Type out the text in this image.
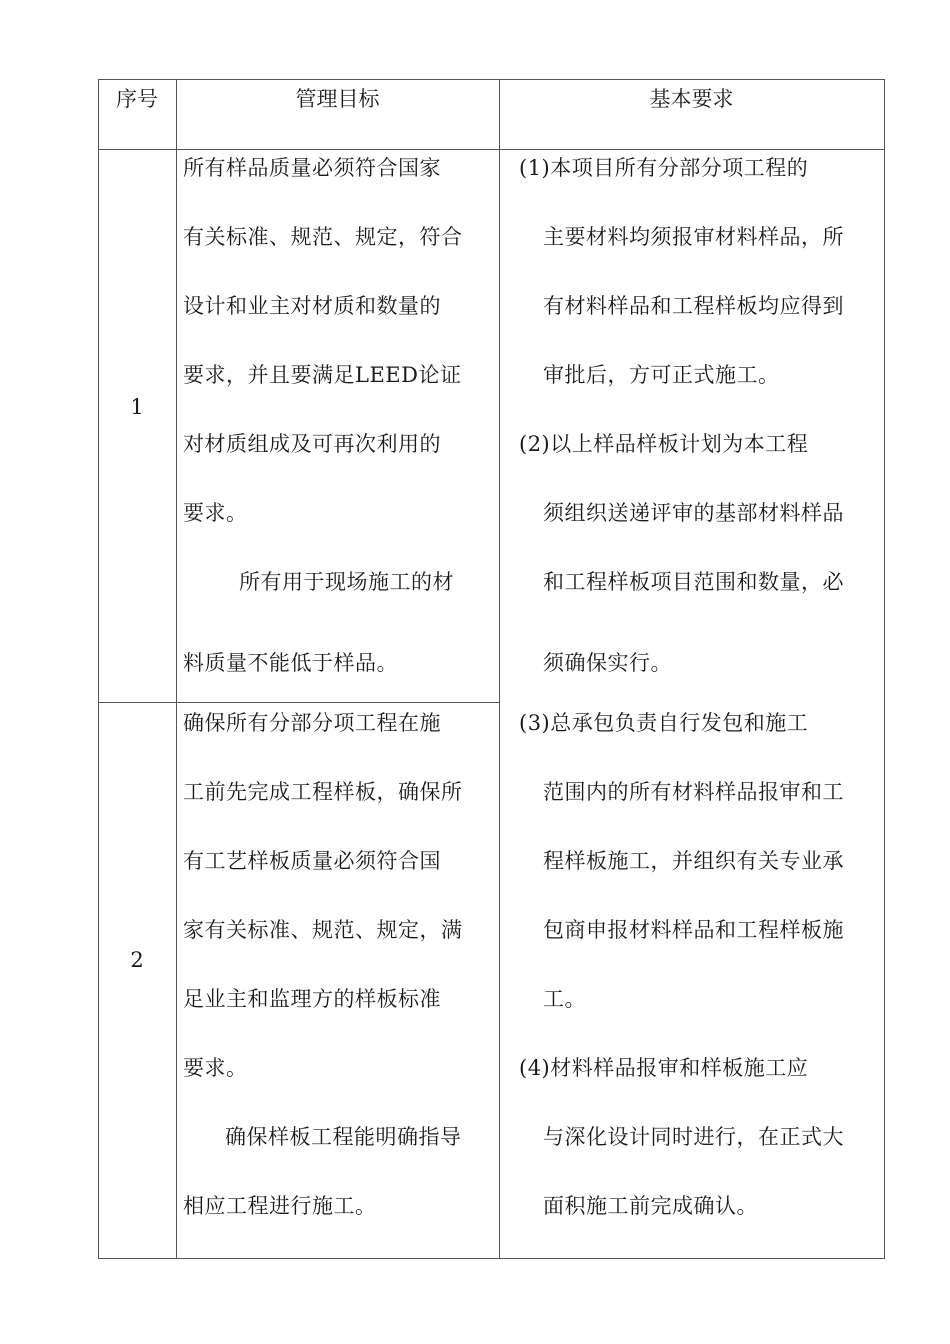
序号	管理目标	基本要求
1
2
所有样品质量必须符合国家
有关标准、规范、规定，符合
设计和业主对材质和数量的
要求，并且要满足LEED论证
对材质组成及可再次利用的
要求。
所有用于现场施工的材
料质量不能低于样品。
确保所有分部分项工程在施
工前先完成工程样板，确保所
有工艺样板质量必须符合国
家有关标准、规范、规定，满
足业主和监理方的样板标准
要求。
确保样板工程能明确指导
相应工程进行施工。
(1)本项目所有分部分项工程的
主要材料均须报审材料样品，所
有材料样品和工程样板均应得到
审批后，方可正式施工。
(2)以上样品样板计划为本工程
须组织送递评审的基部材料样品
和工程样板项目范围和数量，必
须确保实行。
(3)总承包负责自行发包和施工
范围内的所有材料样品报审和工
程样板施工，并组织有关专业承
包商申报材料样品和工程样板施
工。
(4)材料样品报审和样板施工应
与深化设计同时进行，在正式大
面积施工前完成确认。
